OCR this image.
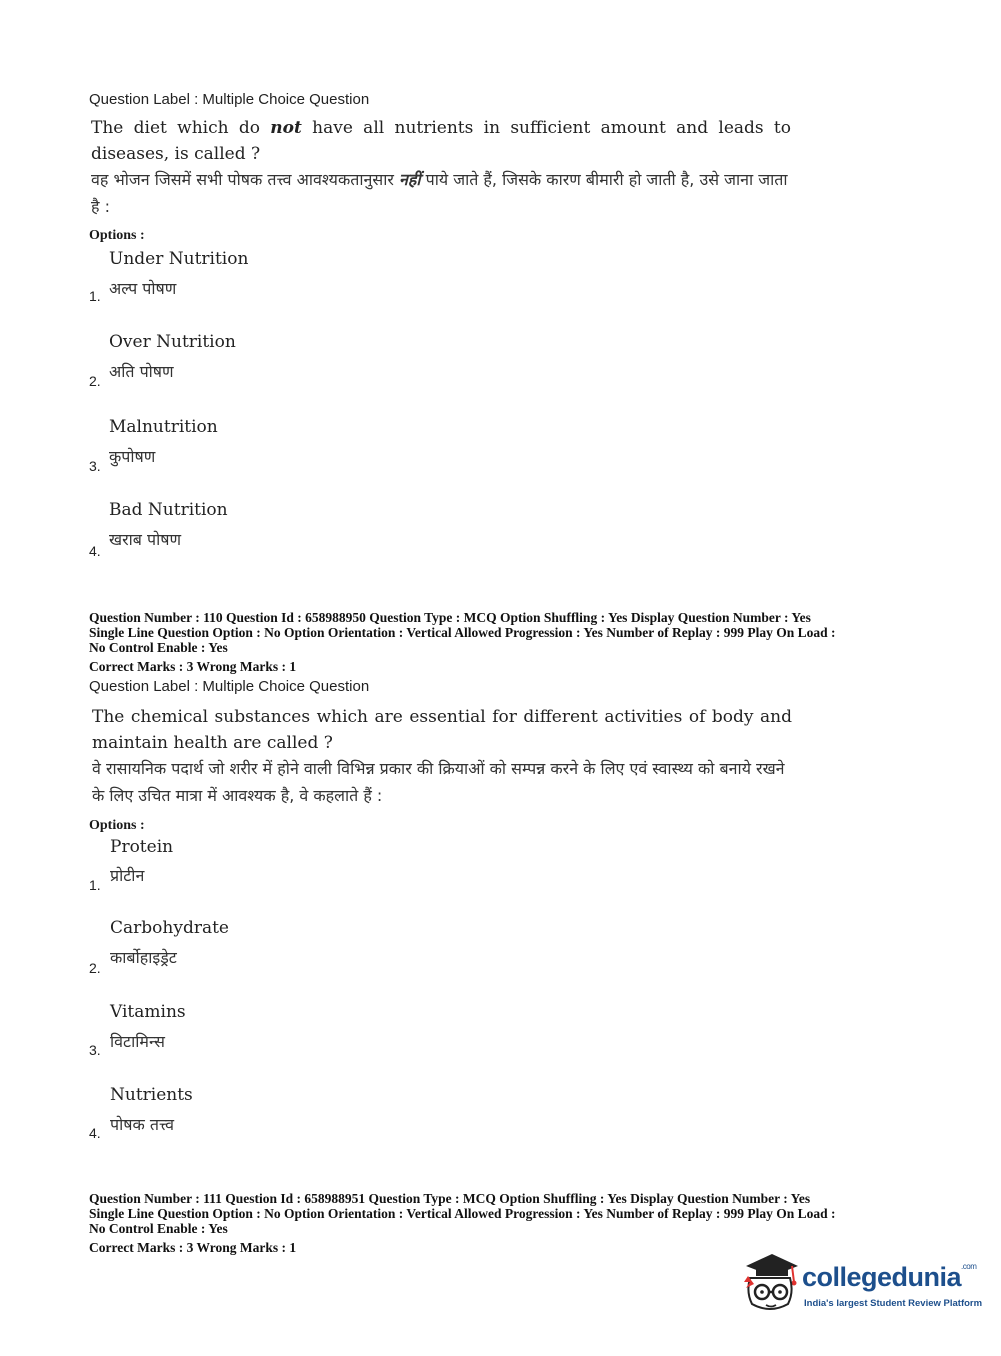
Question Label : Multiple Choice Question
The diet which do not have all nutrients in sufficient amount and leads to diseases, is called ?
वह भोजन जिसमें सभी पोषक तत्त्व आवश्यकतानुसार नहीं पाये जाते हैं, जिसके कारण बीमारी हो जाती है, उसे जाना जाता है :
Options :
Under Nutrition
अल्प पोषण
1.
Over Nutrition
अति पोषण
2.
Malnutrition
कुपोषण
3.
Bad Nutrition
खराब पोषण
4.
Question Number : 110 Question Id : 658988950 Question Type : MCQ Option Shuffling : Yes Display Question Number : Yes
Single Line Question Option : No Option Orientation : Vertical Allowed Progression : Yes Number of Replay : 999 Play On Load :
No Control Enable : Yes
Correct Marks : 3 Wrong Marks : 1
Question Label : Multiple Choice Question
The chemical substances which are essential for different activities of body and maintain health are called ?
वे रासायनिक पदार्थ जो शरीर में होने वाली विभिन्न प्रकार की क्रियाओं को सम्पन्न करने के लिए एवं स्वास्थ्य को बनाये रखने के लिए उचित मात्रा में आवश्यक है, वे कहलाते हैं :
Options :
Protein
प्रोटीन
1.
Carbohydrate
कार्बोहाइड्रेट
2.
Vitamins
विटामिन्स
3.
Nutrients
पोषक तत्त्व
4.
Question Number : 111 Question Id : 658988951 Question Type : MCQ Option Shuffling : Yes Display Question Number : Yes
Single Line Question Option : No Option Orientation : Vertical Allowed Progression : Yes Number of Replay : 999 Play On Load :
No Control Enable : Yes
Correct Marks : 3 Wrong Marks : 1
collegedunia$^{.com}$
India's largest Student Review Platform
